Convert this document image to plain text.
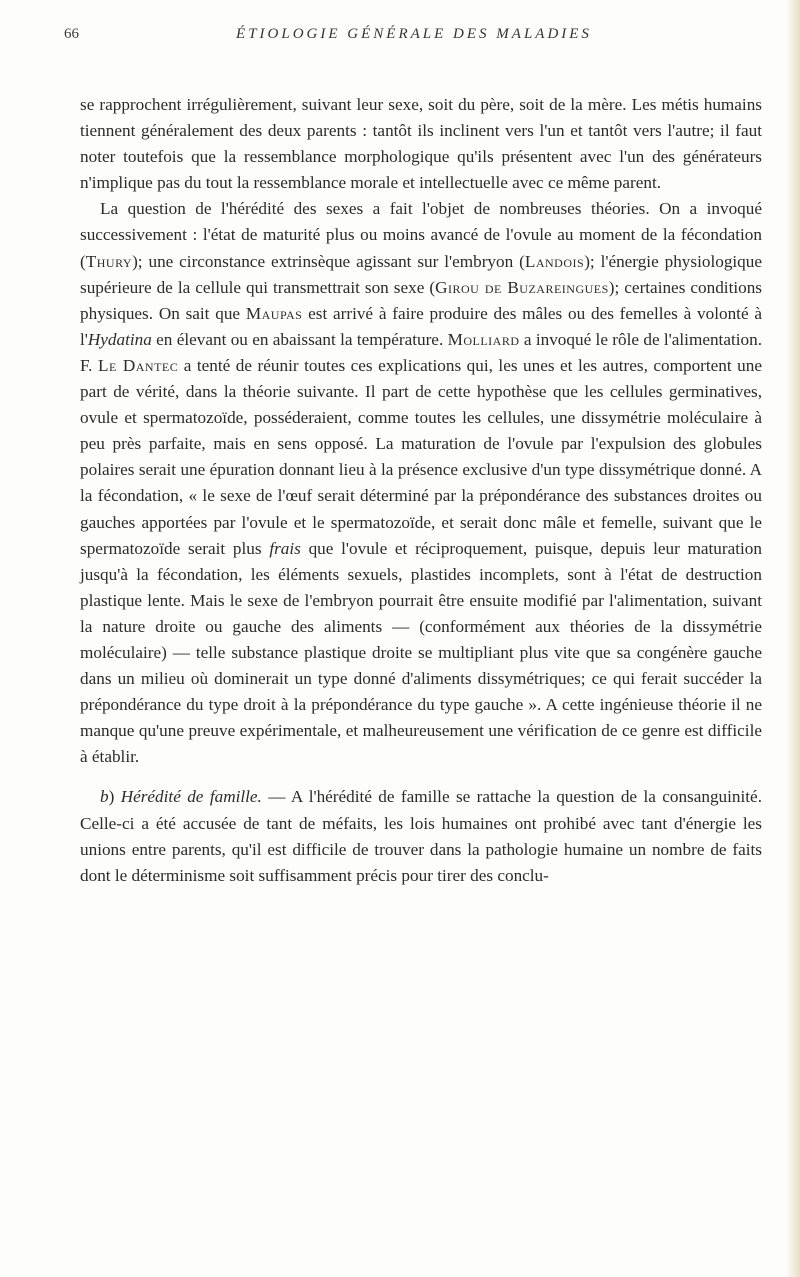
66	ÉTIOLOGIE GÉNÉRALE DES MALADIES

se rapprochent irrégulièrement, suivant leur sexe, soit du père, soit de la mère. Les métis humains tiennent généralement des deux parents : tantôt ils inclinent vers l'un et tantôt vers l'autre; il faut noter toutefois que la ressemblance morphologique qu'ils présentent avec l'un des générateurs n'implique pas du tout la ressemblance morale et intellectuelle avec ce même parent.

La question de l'hérédité des sexes a fait l'objet de nombreuses théories. On a invoqué successivement : l'état de maturité plus ou moins avancé de l'ovule au moment de la fécondation (Thury); une circonstance extrinsèque agissant sur l'embryon (Landois); l'énergie physiologique supérieure de la cellule qui transmettrait son sexe (Girou de Buzareingues); certaines conditions physiques. On sait que Maupas est arrivé à faire produire des mâles ou des femelles à volonté à l'Hydatina en élevant ou en abaissant la température. Molliard a invoqué le rôle de l'alimentation. F. Le Dantec a tenté de réunir toutes ces explications qui, les unes et les autres, comportent une part de vérité, dans la théorie suivante. Il part de cette hypothèse que les cellules germinatives, ovule et spermatozoïde, posséderaient, comme toutes les cellules, une dissymétrie moléculaire à peu près parfaite, mais en sens opposé. La maturation de l'ovule par l'expulsion des globules polaires serait une épuration donnant lieu à la présence exclusive d'un type dissymétrique donné. A la fécondation, « le sexe de l'œuf serait déterminé par la prépondérance des substances droites ou gauches apportées par l'ovule et le spermatozoïde, et serait donc mâle et femelle, suivant que le spermatozoïde serait plus frais que l'ovule et réciproquement, puisque, depuis leur maturation jusqu'à la fécondation, les éléments sexuels, plastides incomplets, sont à l'état de destruction plastique lente. Mais le sexe de l'embryon pourrait être ensuite modifié par l'alimentation, suivant la nature droite ou gauche des aliments — (conformément aux théories de la dissymétrie moléculaire) — telle substance plastique droite se multipliant plus vite que sa congénère gauche dans un milieu où dominerait un type donné d'aliments dissymétriques; ce qui ferait succéder la prépondérance du type droit à la prépondérance du type gauche ». A cette ingénieuse théorie il ne manque qu'une preuve expérimentale, et malheureusement une vérification de ce genre est difficile à établir.

b) Hérédité de famille. — A l'hérédité de famille se rattache la question de la consanguinité. Celle-ci a été accusée de tant de méfaits, les lois humaines ont prohibé avec tant d'énergie les unions entre parents, qu'il est difficile de trouver dans la pathologie humaine un nombre de faits dont le déterminisme soit suffisamment précis pour tirer des conclu-
